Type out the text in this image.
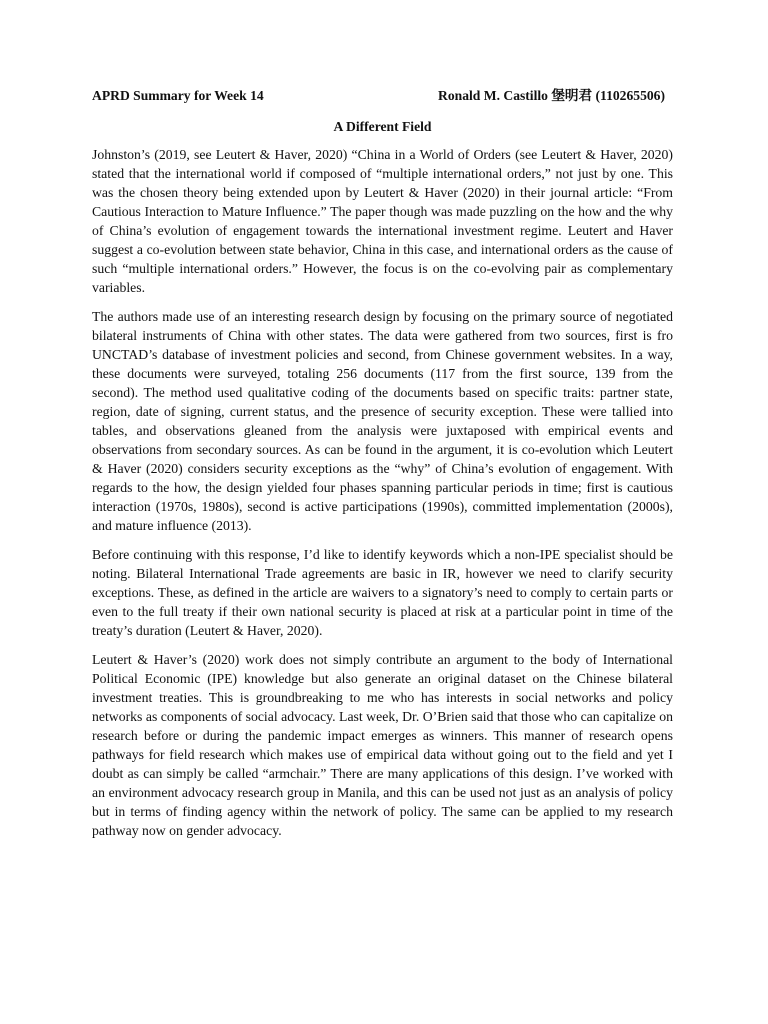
APRD Summary for Week 14	Ronald M. Castillo 堡明君 (110265506)
A Different Field

Johnston’s (2019, see Leutert & Haver, 2020) “China in a World of Orders (see Leutert & Haver, 2020) stated that the international world if composed of “multiple international orders,” not just by one. This was the chosen theory being extended upon by Leutert & Haver (2020) in their journal article: “From Cautious Interaction to Mature Influence.” The paper though was made puzzling on the how and the why of China’s evolution of engagement towards the international investment regime. Leutert and Haver suggest a co-evolution between state behavior, China in this case, and international orders as the cause of such “multiple international orders.” However, the focus is on the co-evolving pair as complementary variables.

The authors made use of an interesting research design by focusing on the primary source of negotiated bilateral instruments of China with other states. The data were gathered from two sources, first is fro UNCTAD’s database of investment policies and second, from Chinese government websites. In a way, these documents were surveyed, totaling 256 documents (117 from the first source, 139 from the second). The method used qualitative coding of the documents based on specific traits: partner state, region, date of signing, current status, and the presence of security exception. These were tallied into tables, and observations gleaned from the analysis were juxtaposed with empirical events and observations from secondary sources. As can be found in the argument, it is co-evolution which Leutert & Haver (2020) considers security exceptions as the “why” of China’s evolution of engagement. With regards to the how, the design yielded four phases spanning particular periods in time; first is cautious interaction (1970s, 1980s), second is active participations (1990s), committed implementation (2000s), and mature influence (2013).

Before continuing with this response, I’d like to identify keywords which a non-IPE specialist should be noting. Bilateral International Trade agreements are basic in IR, however we need to clarify security exceptions. These, as defined in the article are waivers to a signatory’s need to comply to certain parts or even to the full treaty if their own national security is placed at risk at a particular point in time of the treaty’s duration (Leutert & Haver, 2020).

Leutert & Haver’s (2020) work does not simply contribute an argument to the body of International Political Economic (IPE) knowledge but also generate an original dataset on the Chinese bilateral investment treaties. This is groundbreaking to me who has interests in social networks and policy networks as components of social advocacy. Last week, Dr. O’Brien said that those who can capitalize on research before or during the pandemic impact emerges as winners. This manner of research opens pathways for field research which makes use of empirical data without going out to the field and yet I doubt as can simply be called “armchair.” There are many applications of this design. I’ve worked with an environment advocacy research group in Manila, and this can be used not just as an analysis of policy but in terms of finding agency within the network of policy. The same can be applied to my research pathway now on gender advocacy.
